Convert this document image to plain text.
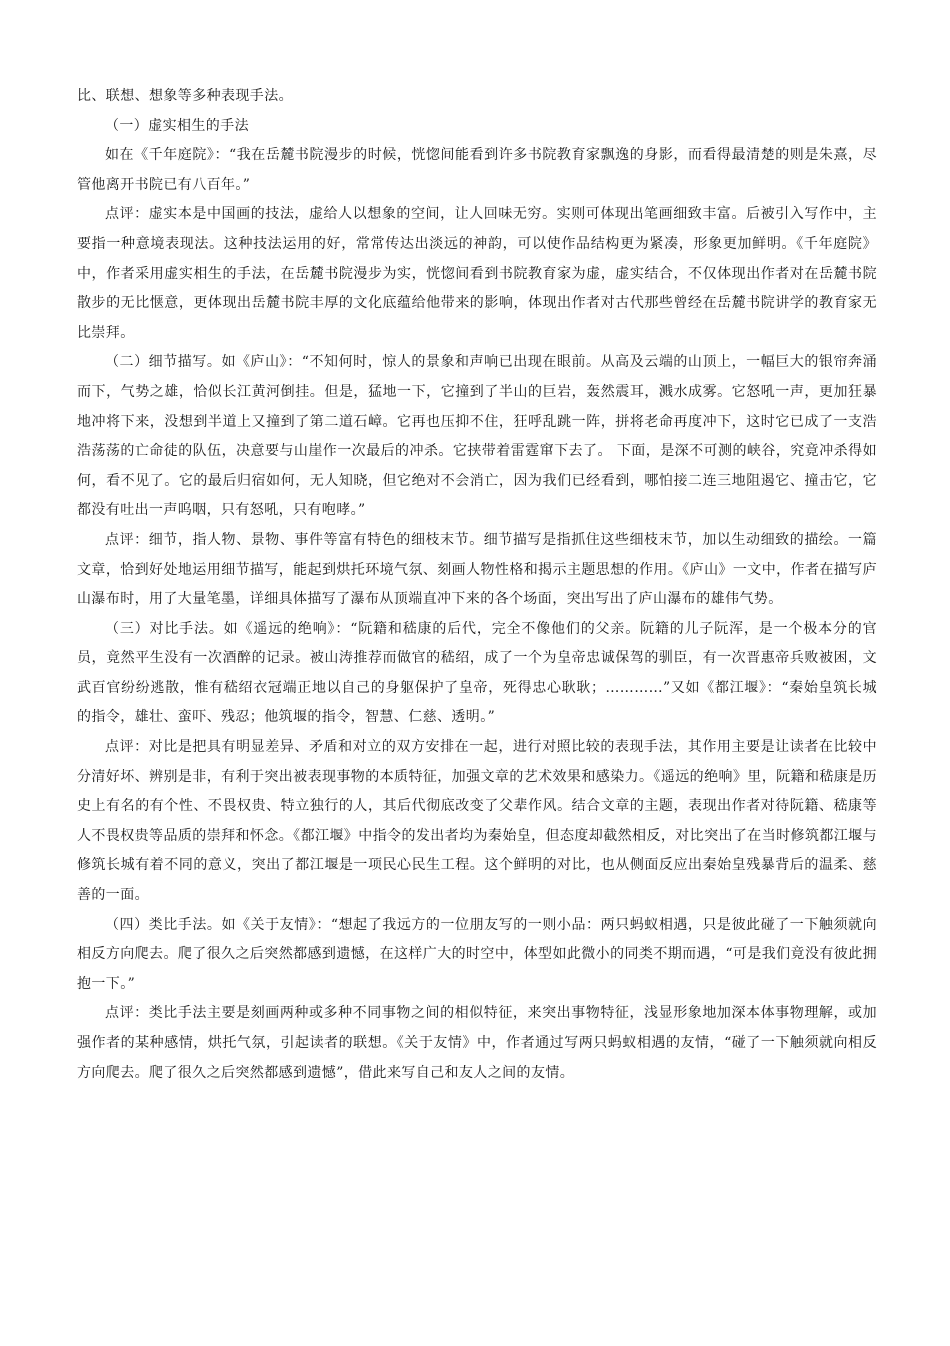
比、联想、想象等多种表现手法。

（一）虚实相生的手法

如在《千年庭院》：“我在岳麓书院漫步的时候，恍惚间能看到许多书院教育家飘逸的身影，而看得最清楚的则是朱熹，尽管他离开书院已有八百年。”

点评：虚实本是中国画的技法，虚给人以想象的空间，让人回味无穷。实则可体现出笔画细致丰富。后被引入写作中，主要指一种意境表现法。这种技法运用的好，常常传达出淡远的神韵，可以使作品结构更为紧凑，形象更加鲜明。《千年庭院》中，作者采用虚实相生的手法，在岳麓书院漫步为实，恍惚间看到书院教育家为虚，虚实结合，不仅体现出作者对在岳麓书院散步的无比惬意，更体现出岳麓书院丰厚的文化底蕴给他带来的影响，体现出作者对古代那些曾经在岳麓书院讲学的教育家无比崇拜。

（二）细节描写。如《庐山》：“不知何时，惊人的景象和声响已出现在眼前。从高及云端的山顶上，一幅巨大的银帘奔涌而下，气势之雄，恰似长江黄河倒挂。但是，猛地一下，它撞到了半山的巨岩，轰然震耳，溅水成雾。它怒吼一声，更加狂暴地冲将下来，没想到半道上又撞到了第二道石嶂。它再也压抑不住，狂呼乱跳一阵，拼将老命再度冲下，这时它已成了一支浩浩荡荡的亡命徒的队伍，决意要与山崖作一次最后的冲杀。它挟带着雷霆窜下去了。 下面，是深不可测的峡谷，究竟冲杀得如何，看不见了。它的最后归宿如何，无人知晓，但它绝对不会消亡，因为我们已经看到，哪怕接二连三地阻遏它、撞击它，它都没有吐出一声呜咽，只有怒吼，只有咆哮。”

点评：细节，指人物、景物、事件等富有特色的细枝末节。细节描写是指抓住这些细枝末节，加以生动细致的描绘。一篇文章，恰到好处地运用细节描写，能起到烘托环境气氛、刻画人物性格和揭示主题思想的作用。《庐山》一文中，作者在描写庐山瀑布时，用了大量笔墨，详细具体描写了瀑布从顶端直冲下来的各个场面，突出写出了庐山瀑布的雄伟气势。

（三）对比手法。如《遥远的绝响》：“阮籍和嵇康的后代，完全不像他们的父亲。阮籍的儿子阮浑，是一个极本分的官员，竟然平生没有一次酒醉的记录。被山涛推荐而做官的嵇绍，成了一个为皇帝忠诚保驾的驯臣，有一次晋惠帝兵败被困，文武百官纷纷逃散，惟有嵇绍衣冠端正地以自己的身躯保护了皇帝，死得忠心耿耿；…………”又如《都江堰》：“秦始皇筑长城的指令，雄壮、蛮吓、残忍；他筑堰的指令，智慧、仁慈、透明。”

点评：对比是把具有明显差异、矛盾和对立的双方安排在一起，进行对照比较的表现手法，其作用主要是让读者在比较中分清好坏、辨别是非，有利于突出被表现事物的本质特征，加强文章的艺术效果和感染力。《遥远的绝响》里，阮籍和嵇康是历史上有名的有个性、不畏权贵、特立独行的人，其后代彻底改变了父辈作风。结合文章的主题，表现出作者对待阮籍、嵇康等人不畏权贵等品质的崇拜和怀念。《都江堰》中指令的发出者均为秦始皇，但态度却截然相反，对比突出了在当时修筑都江堰与修筑长城有着不同的意义，突出了都江堰是一项民心民生工程。这个鲜明的对比，也从侧面反应出秦始皇残暴背后的温柔、慈善的一面。

（四）类比手法。如《关于友情》：“想起了我远方的一位朋友写的一则小品：两只蚂蚁相遇，只是彼此碰了一下触须就向相反方向爬去。爬了很久之后突然都感到遗憾，在这样广大的时空中，体型如此微小的同类不期而遇，“可是我们竟没有彼此拥抱一下。”

点评：类比手法主要是刻画两种或多种不同事物之间的相似特征，来突出事物特征，浅显形象地加深本体事物理解，或加强作者的某种感情，烘托气氛，引起读者的联想。《关于友情》中，作者通过写两只蚂蚁相遇的友情，“碰了一下触须就向相反方向爬去。爬了很久之后突然都感到遗憾”，借此来写自己和友人之间的友情。
